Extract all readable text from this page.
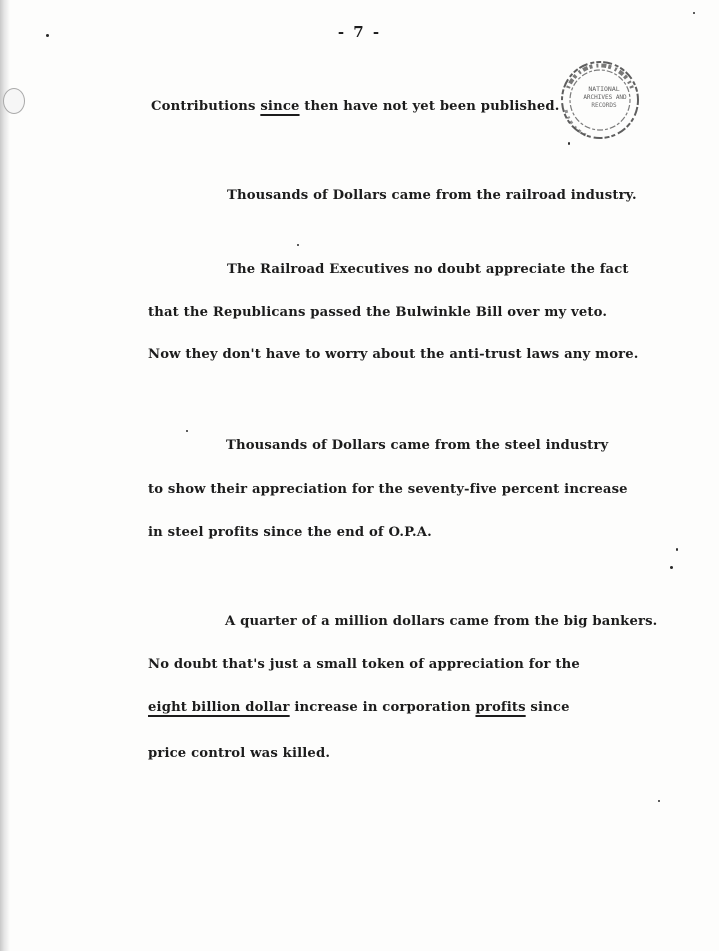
- 7 -
NATIONAL
ARCHIVES AND
RECORDS
Contributions since then have not yet been published.
Thousands of Dollars came from the railroad industry.
The Railroad Executives no doubt appreciate the fact
that the Republicans passed the Bulwinkle Bill over my veto.
Now they don't have to worry about the anti-trust laws any more.
Thousands of Dollars came from the steel industry
to show their appreciation for the seventy-five percent increase
in steel profits since the end of O.P.A.
A quarter of a million dollars came from the big bankers.
No doubt that's just a small token of appreciation for the
eight billion dollar increase in corporation profits since
price control was killed.
